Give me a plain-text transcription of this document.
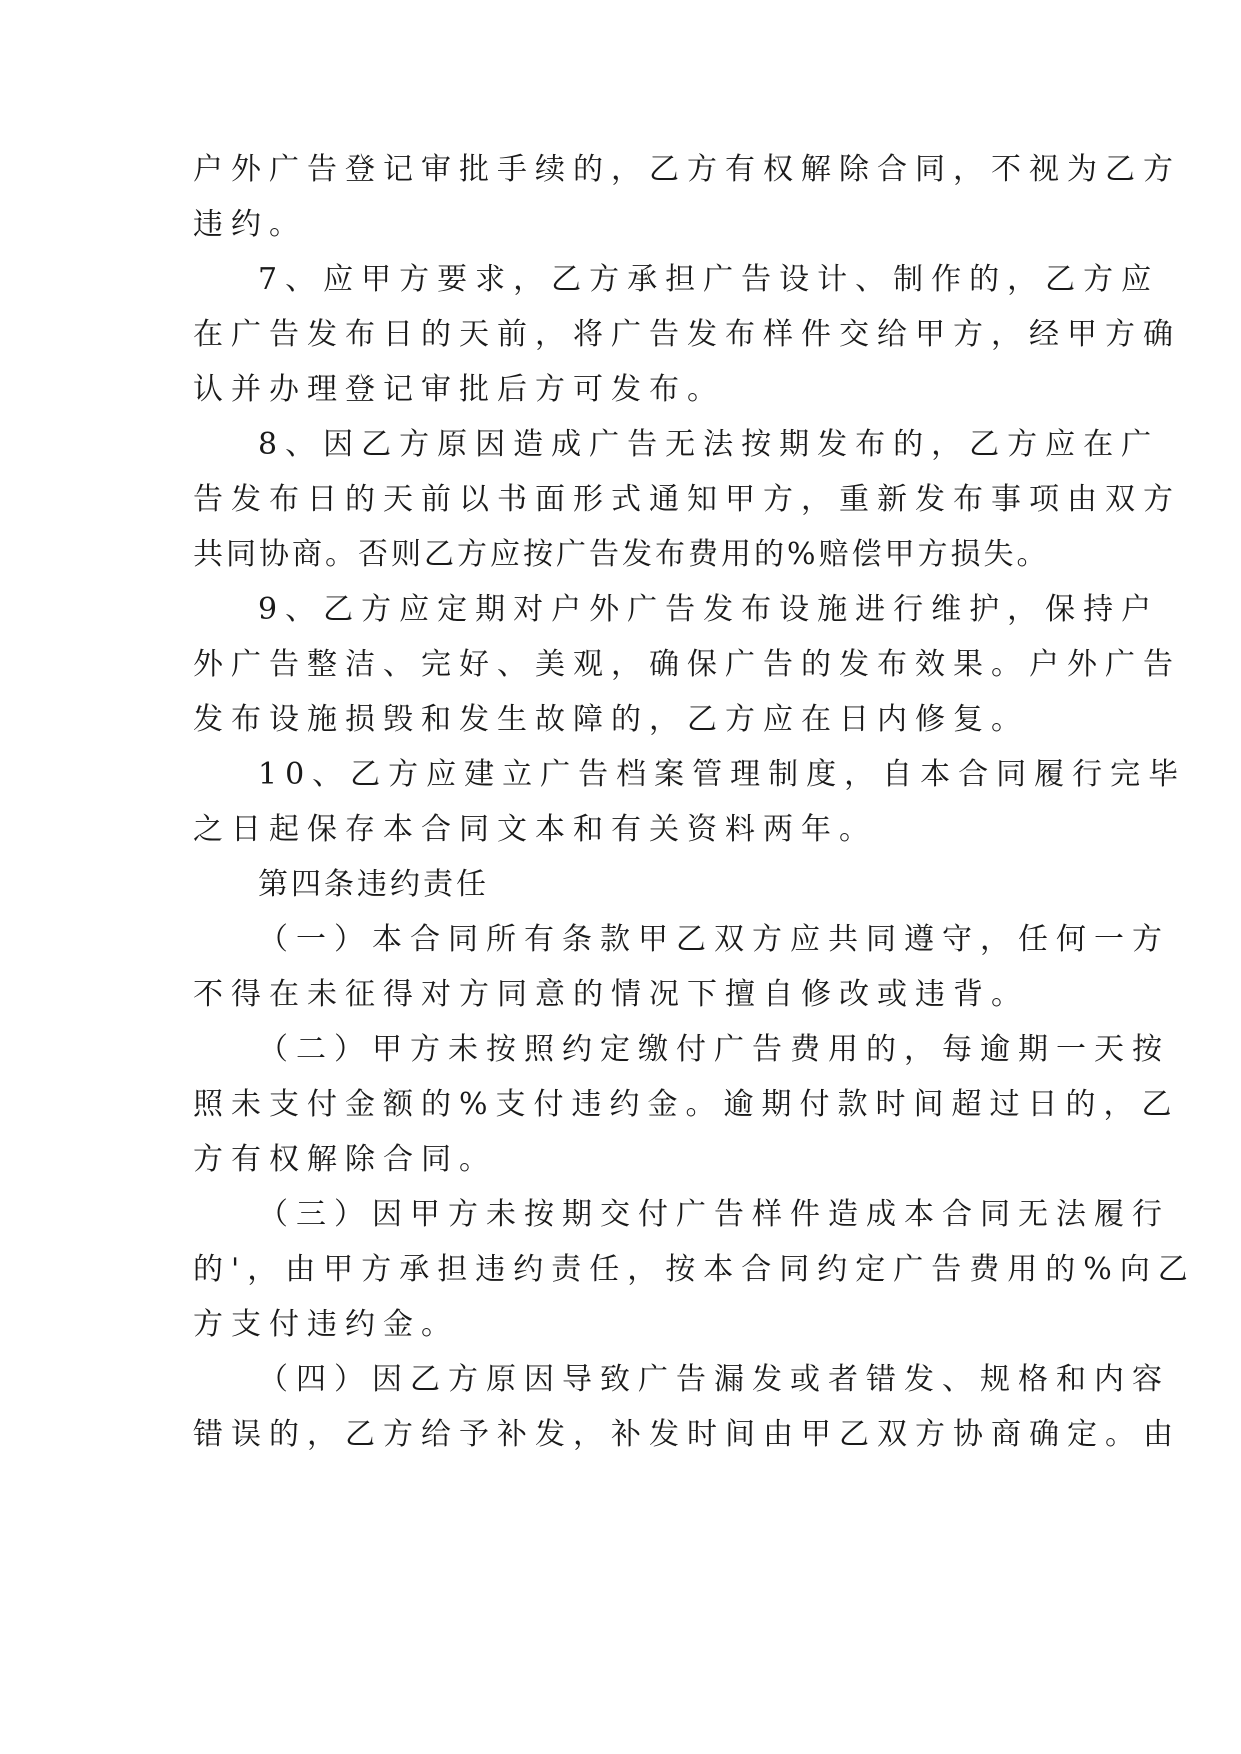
户外广告登记审批手续的，乙方有权解除合同，不视为乙方
违约。
7、应甲方要求，乙方承担广告设计、制作的，乙方应
在广告发布日的天前，将广告发布样件交给甲方，经甲方确
认并办理登记审批后方可发布。
8、因乙方原因造成广告无法按期发布的，乙方应在广
告发布日的天前以书面形式通知甲方，重新发布事项由双方
共同协商。否则乙方应按广告发布费用的%赔偿甲方损失。
9、乙方应定期对户外广告发布设施进行维护，保持户
外广告整洁、完好、美观，确保广告的发布效果。户外广告
发布设施损毁和发生故障的，乙方应在日内修复。
10、乙方应建立广告档案管理制度，自本合同履行完毕
之日起保存本合同文本和有关资料两年。
第四条违约责任
（一）本合同所有条款甲乙双方应共同遵守，任何一方
不得在未征得对方同意的情况下擅自修改或违背。
（二）甲方未按照约定缴付广告费用的，每逾期一天按
照未支付金额的%支付违约金。逾期付款时间超过日的，乙
方有权解除合同。
（三）因甲方未按期交付广告样件造成本合同无法履行
的'，由甲方承担违约责任，按本合同约定广告费用的%向乙
方支付违约金。
（四）因乙方原因导致广告漏发或者错发、规格和内容
错误的，乙方给予补发，补发时间由甲乙双方协商确定。由
